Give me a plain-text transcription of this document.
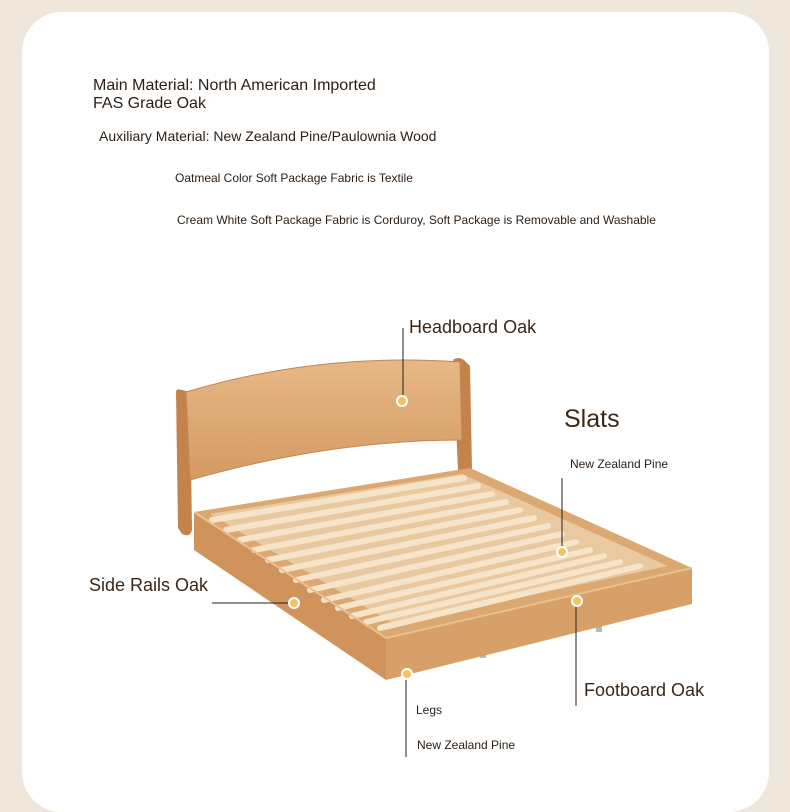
Main Material: North American Imported
FAS Grade Oak
Auxiliary Material: New Zealand Pine/Paulownia Wood
Oatmeal Color Soft Package Fabric is Textile
Cream White Soft Package Fabric is Corduroy, Soft Package is Removable and Washable
Headboard Oak
Slats
New Zealand Pine
Side Rails Oak
Footboard Oak
Legs
New Zealand Pine
